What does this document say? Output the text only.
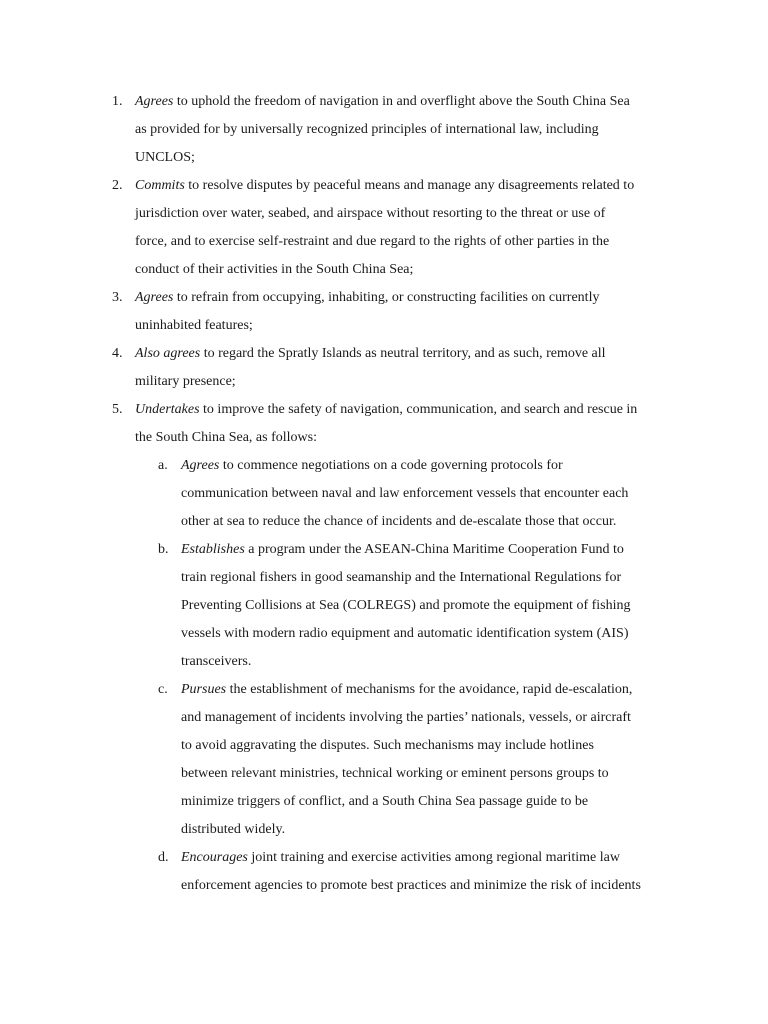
1. Agrees to uphold the freedom of navigation in and overflight above the South China Sea
as provided for by universally recognized principles of international law, including
UNCLOS;
2. Commits to resolve disputes by peaceful means and manage any disagreements related to
jurisdiction over water, seabed, and airspace without resorting to the threat or use of
force, and to exercise self-restraint and due regard to the rights of other parties in the
conduct of their activities in the South China Sea;
3. Agrees to refrain from occupying, inhabiting, or constructing facilities on currently
uninhabited features;
4. Also agrees to regard the Spratly Islands as neutral territory, and as such, remove all
military presence;
5. Undertakes to improve the safety of navigation, communication, and search and rescue in
the South China Sea, as follows:
a. Agrees to commence negotiations on a code governing protocols for
communication between naval and law enforcement vessels that encounter each
other at sea to reduce the chance of incidents and de-escalate those that occur.
b. Establishes a program under the ASEAN-China Maritime Cooperation Fund to
train regional fishers in good seamanship and the International Regulations for
Preventing Collisions at Sea (COLREGS) and promote the equipment of fishing
vessels with modern radio equipment and automatic identification system (AIS)
transceivers.
c. Pursues the establishment of mechanisms for the avoidance, rapid de-escalation,
and management of incidents involving the parties’ nationals, vessels, or aircraft
to avoid aggravating the disputes. Such mechanisms may include hotlines
between relevant ministries, technical working or eminent persons groups to
minimize triggers of conflict, and a South China Sea passage guide to be
distributed widely.
d. Encourages joint training and exercise activities among regional maritime law
enforcement agencies to promote best practices and minimize the risk of incidents
